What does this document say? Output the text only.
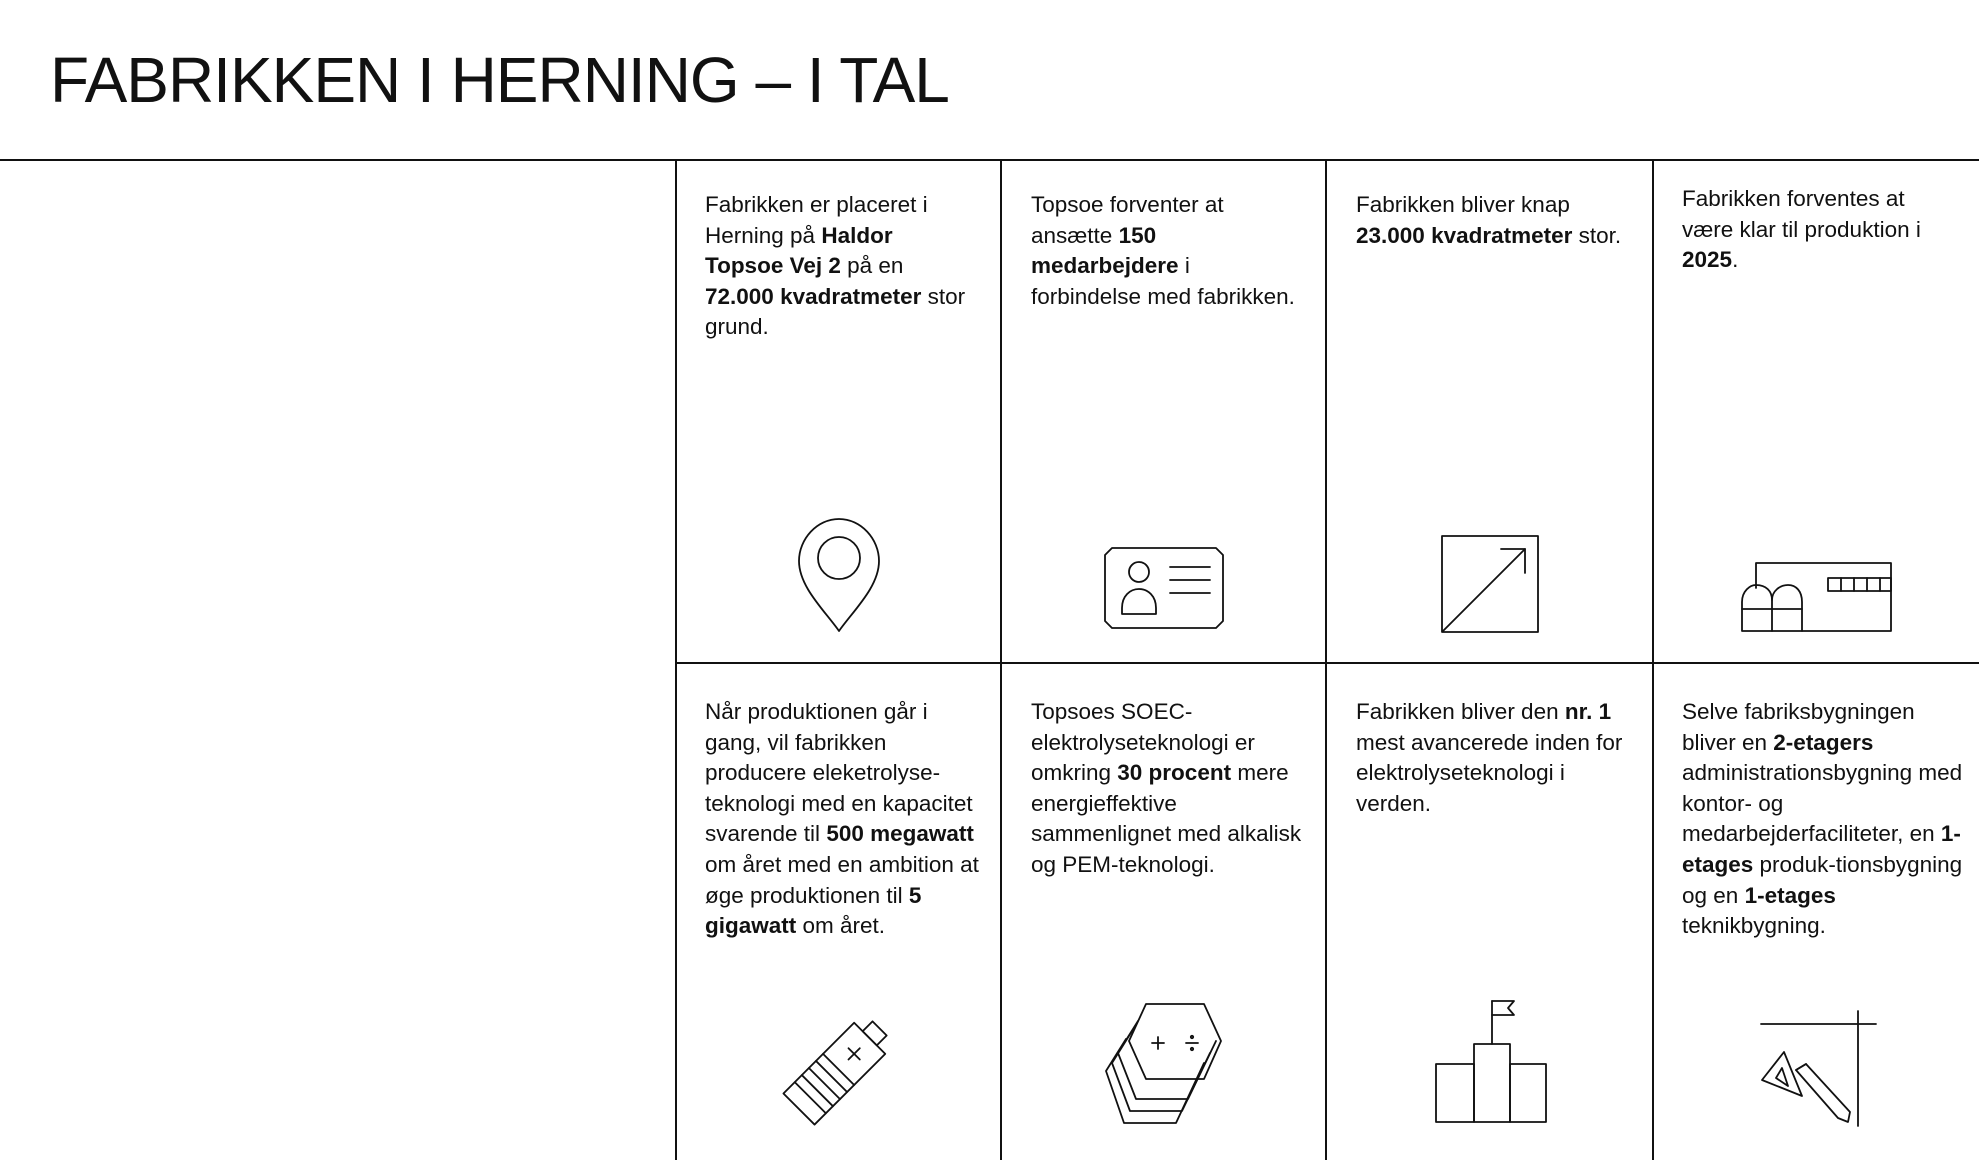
FABRIKKEN I HERNING – I TAL
Fabrikken er placeret i Herning på Haldor Topsoe Vej 2 på en 72.000 kvadratmeter stor grund.
Topsoe forventer at ansætte 150 medarbejdere i forbindelse med fabrikken.
Fabrikken bliver knap 23.000 kvadratmeter stor.
Fabrikken forventes at være klar til produktion i 2025.
Når produktionen går i gang, vil fabrikken producere eleketrolyse-teknologi med en kapacitet svarende til 500 megawatt om året med en ambition at øge produktionen til 5 gigawatt om året.
Topsoes SOEC-elektrolyseteknologi er omkring 30 procent mere energieffektive sammenlignet med alkalisk og PEM-teknologi.
Fabrikken bliver den nr. 1 mest avancerede inden for elektrolyseteknologi i verden.
Selve fabriksbygningen bliver en 2-etagers administrationsbygning med kontor- og medarbejderfaciliteter, en 1-etages produk-tionsbygning og en 1-etages teknikbygning.
